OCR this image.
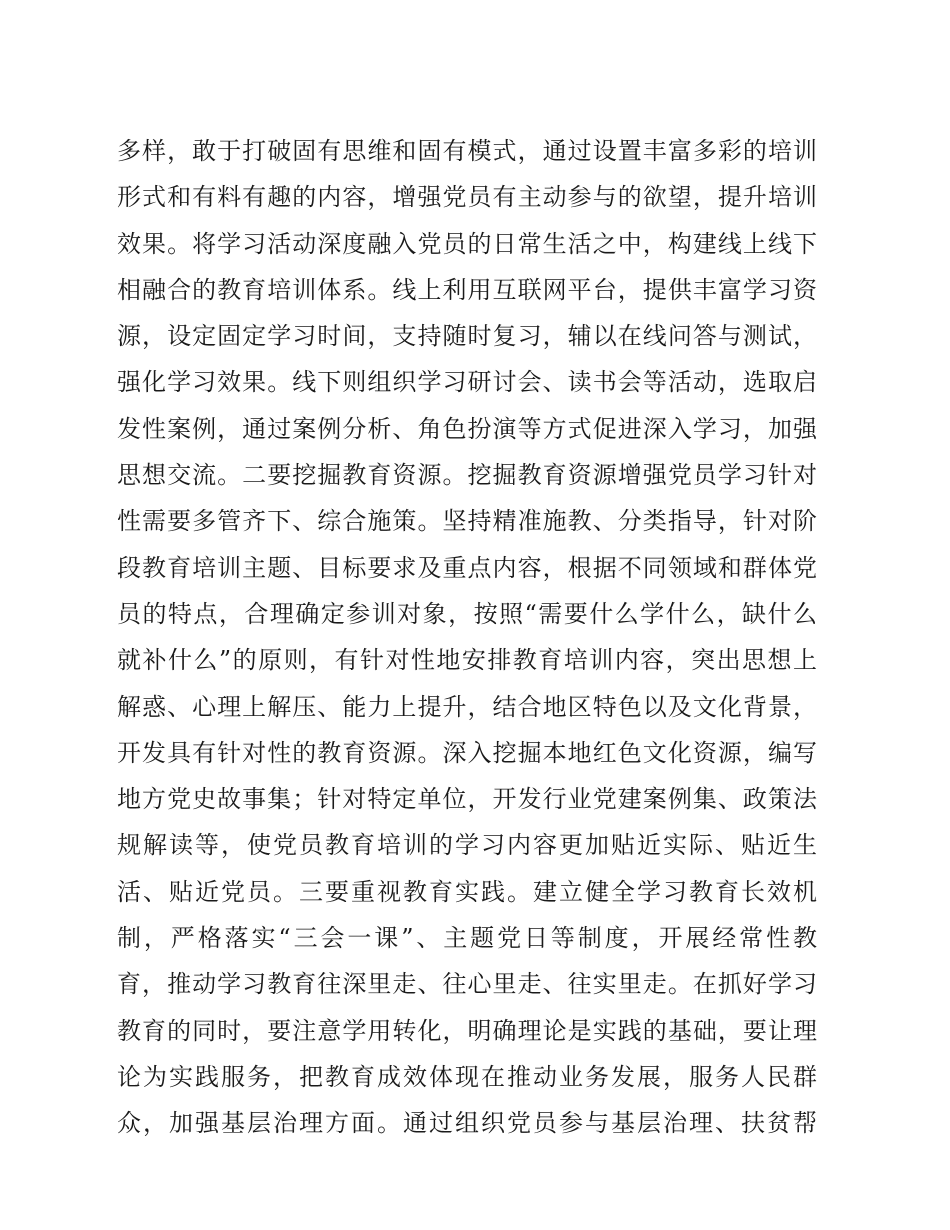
多样，敢于打破固有思维和固有模式，通过设置丰富多彩的培训
形式和有料有趣的内容，增强党员有主动参与的欲望，提升培训
效果。将学习活动深度融入党员的日常生活之中，构建线上线下
相融合的教育培训体系。线上利用互联网平台，提供丰富学习资
源，设定固定学习时间，支持随时复习，辅以在线问答与测试，
强化学习效果。线下则组织学习研讨会、读书会等活动，选取启
发性案例，通过案例分析、角色扮演等方式促进深入学习，加强
思想交流。二要挖掘教育资源。挖掘教育资源增强党员学习针对
性需要多管齐下、综合施策。坚持精准施教、分类指导，针对阶
段教育培训主题、目标要求及重点内容，根据不同领域和群体党
员的特点，合理确定参训对象，按照“需要什么学什么，缺什么
就补什么”的原则，有针对性地安排教育培训内容，突出思想上
解惑、心理上解压、能力上提升，结合地区特色以及文化背景，
开发具有针对性的教育资源。深入挖掘本地红色文化资源，编写
地方党史故事集；针对特定单位，开发行业党建案例集、政策法
规解读等，使党员教育培训的学习内容更加贴近实际、贴近生
活、贴近党员。三要重视教育实践。建立健全学习教育长效机
制，严格落实“三会一课”、主题党日等制度，开展经常性教
育，推动学习教育往深里走、往心里走、往实里走。在抓好学习
教育的同时，要注意学用转化，明确理论是实践的基础，要让理
论为实践服务，把教育成效体现在推动业务发展，服务人民群
众，加强基层治理方面。通过组织党员参与基层治理、扶贫帮
